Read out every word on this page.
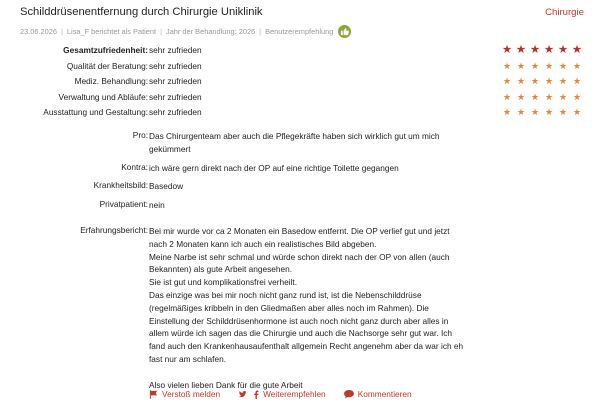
Schilddrüsenentfernung durch Chirurgie Uniklinik	Chirurgie
23.06.2026 | Lisa_F berichtet als Patient | Jahr der Behandlung: 2026 | Benutzerempfehlung
Gesamtzufriedenheit: sehr zufrieden	★ ★ ★ ★ ★ ★
Qualität der Beratung: sehr zufrieden	★ ★ ★ ★ ★ ★
Mediz. Behandlung: sehr zufrieden	★ ★ ★ ★ ★ ★
Verwaltung und Abläufe: sehr zufrieden	★ ★ ★ ★ ★ ★
Ausstattung und Gestaltung: sehr zufrieden	★ ★ ★ ★ ★ ★
Pro: Das Chirurgenteam aber auch die Pflegekräfte haben sich wirklich gut um mich
gekümmert
Kontra: ich wäre gern direkt nach der OP auf eine richtige Toilette gegangen
Krankheitsbild: Basedow
Privatpatient: nein
Erfahrungsbericht: Bei mir wurde vor ca 2 Monaten ein Basedow entfernt. Die OP verlief gut und jetzt
nach 2 Monaten kann ich auch ein realistisches Bild abgeben.
Meine Narbe ist sehr schmal und würde schon direkt nach der OP von allen (auch
Bekannten) als gute Arbeit angesehen.
Sie ist gut und komplikationsfrei verheilt.
Das einzige was bei mir noch nicht ganz rund ist, ist die Nebenschilddrüse
(regelmäßiges kribbeln in den Gliedmaßen aber alles noch im Rahmen). Die
Einstellung der Schilddrüsenhormone ist auch noch nicht ganz durch aber alles in
allem würde ich sagen das die Chirurgie und auch die Nachsorge sehr gut war. Ich
fand auch den Krankenhausaufenthalt allgemein Recht angenehm aber da war ich eh
fast nur am schlafen.
Also vielen lieben Dank für die gute Arbeit
Verstoß melden	Weiterempfehlen	Kommentieren
